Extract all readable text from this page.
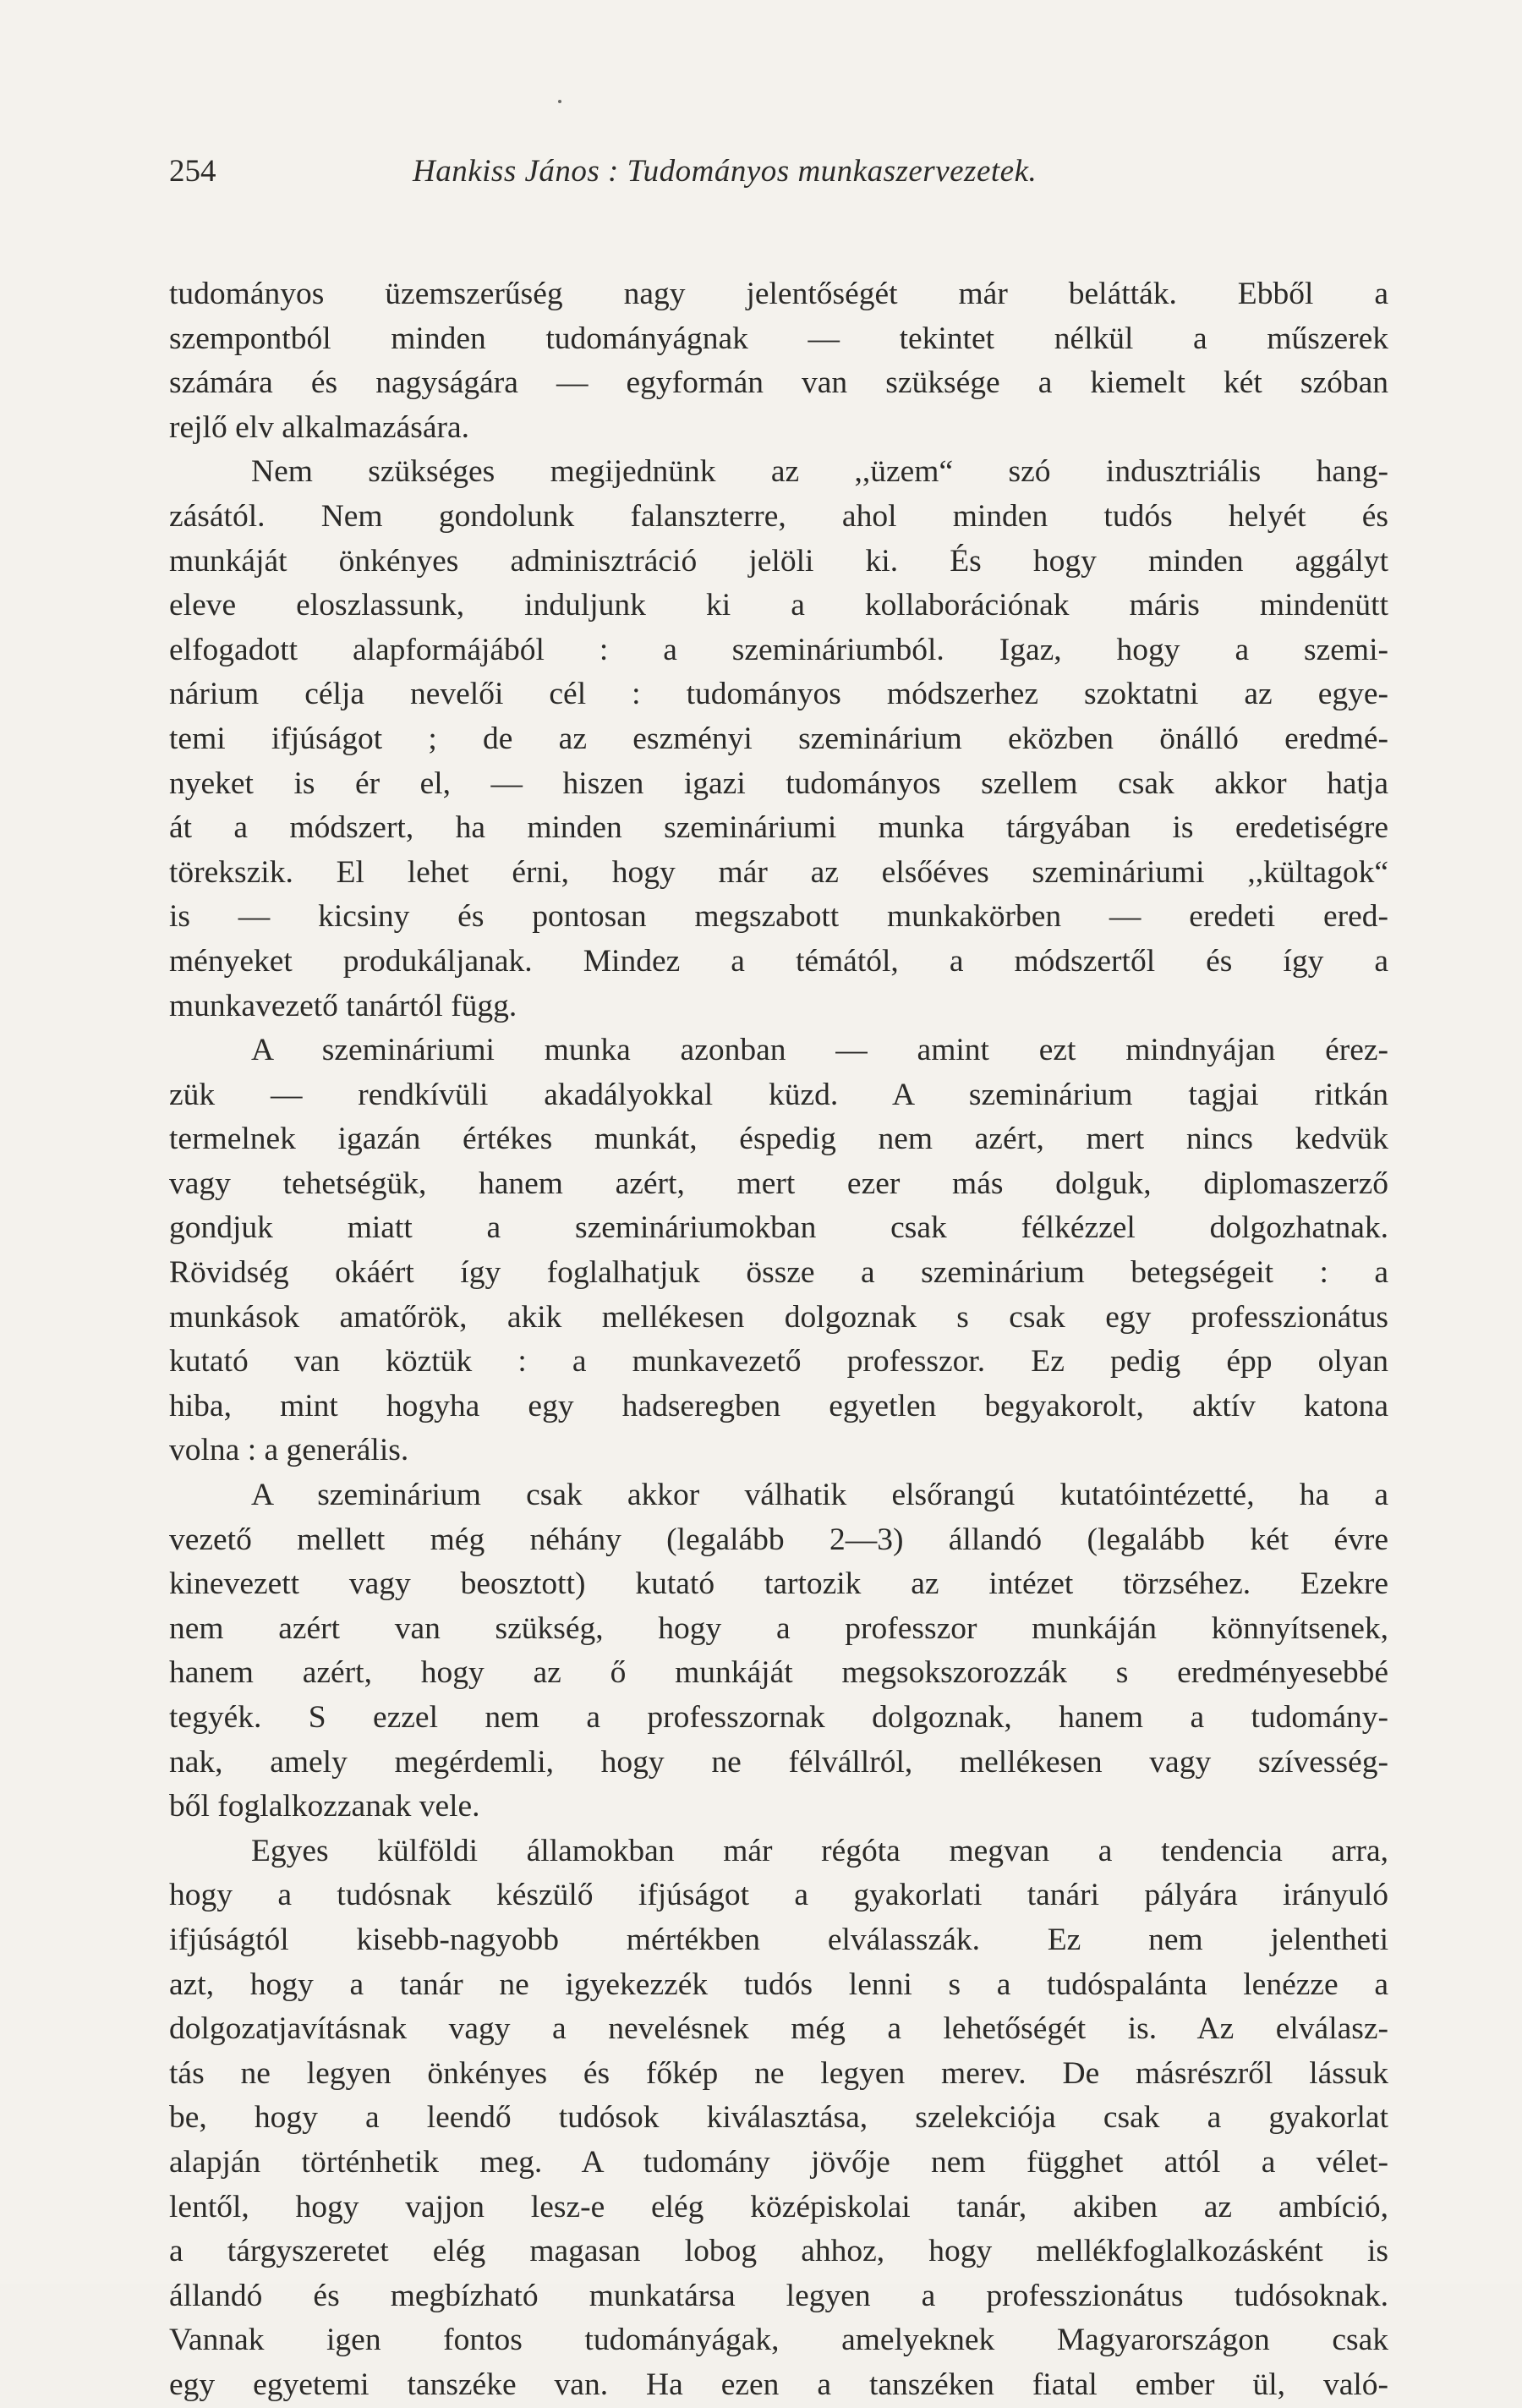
254	Hankiss János : Tudományos munkaszervezetek.
tudományos üzemszerűség nagy jelentőségét már belátták. Ebből a
szempontból minden tudományágnak — tekintet nélkül a műszerek
számára és nagyságára — egyformán van szüksége a kiemelt két szóban
rejlő elv alkalmazására.
Nem szükséges megijednünk az ,,üzem“ szó indusztriális hang-
zásától. Nem gondolunk falanszterre, ahol minden tudós helyét és
munkáját önkényes adminisztráció jelöli ki. És hogy minden aggályt
eleve eloszlassunk, induljunk ki a kollaborációnak máris mindenütt
elfogadott alapformájából : a szemináriumból. Igaz, hogy a szemi-
nárium célja nevelői cél : tudományos módszerhez szoktatni az egye-
temi ifjúságot ; de az eszményi szeminárium eközben önálló eredmé-
nyeket is ér el, — hiszen igazi tudományos szellem csak akkor hatja
át a módszert, ha minden szemináriumi munka tárgyában is eredetiségre
törekszik. El lehet érni, hogy már az elsőéves szemináriumi ,,kültagok“
is — kicsiny és pontosan megszabott munkakörben — eredeti ered-
ményeket produkáljanak. Mindez a témától, a módszertől és így a
munkavezető tanártól függ.
A szemináriumi munka azonban — amint ezt mindnyájan érez-
zük — rendkívüli akadályokkal küzd. A szeminárium tagjai ritkán
termelnek igazán értékes munkát, éspedig nem azért, mert nincs kedvük
vagy tehetségük, hanem azért, mert ezer más dolguk, diplomaszerző
gondjuk miatt a szemináriumokban csak félkézzel dolgozhatnak.
Rövidség okáért így foglalhatjuk össze a szeminárium betegségeit : a
munkások amatőrök, akik mellékesen dolgoznak s csak egy professzionátus
kutató van köztük : a munkavezető professzor. Ez pedig épp olyan
hiba, mint hogyha egy hadseregben egyetlen begyakorolt, aktív katona
volna : a generális.
A szeminárium csak akkor válhatik elsőrangú kutatóintézetté, ha a
vezető mellett még néhány (legalább 2—3) állandó (legalább két évre
kinevezett vagy beosztott) kutató tartozik az intézet törzséhez. Ezekre
nem azért van szükség, hogy a professzor munkáján könnyítsenek,
hanem azért, hogy az ő munkáját megsokszorozzák s eredményesebbé
tegyék. S ezzel nem a professzornak dolgoznak, hanem a tudomány-
nak, amely megérdemli, hogy ne félvállról, mellékesen vagy szívesség-
ből foglalkozzanak vele.
Egyes külföldi államokban már régóta megvan a tendencia arra,
hogy a tudósnak készülő ifjúságot a gyakorlati tanári pályára irányuló
ifjúságtól kisebb-nagyobb mértékben elválasszák. Ez nem jelentheti
azt, hogy a tanár ne igyekezzék tudós lenni s a tudóspalánta lenézze a
dolgozatjavításnak vagy a nevelésnek még a lehetőségét is. Az elválasz-
tás ne legyen önkényes és főkép ne legyen merev. De másrészről lássuk
be, hogy a leendő tudósok kiválasztása, szelekciója csak a gyakorlat
alapján történhetik meg. A tudomány jövője nem függhet attól a vélet-
lentől, hogy vajjon lesz-e elég középiskolai tanár, akiben az ambíció,
a tárgyszeretet elég magasan lobog ahhoz, hogy mellékfoglalkozásként is
állandó és megbízható munkatársa legyen a professzionátus tudósoknak.
Vannak igen fontos tudományágak, amelyeknek Magyarországon csak
egy egyetemi tanszéke van. Ha ezen a tanszéken fiatal ember ül, való-
